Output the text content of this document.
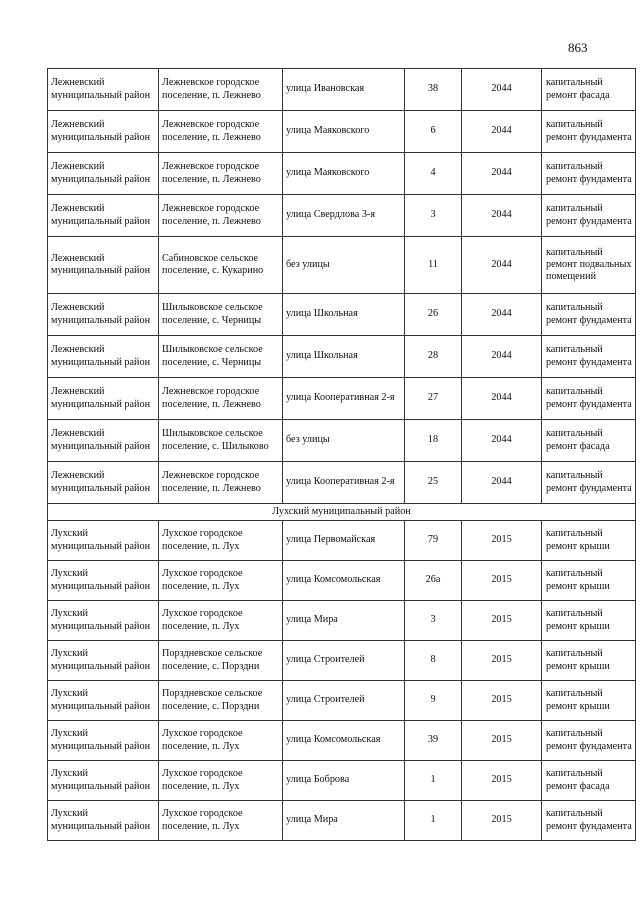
863
Лежневский муниципальный район	Лежневское городское поселение, п. Лежнево	улица Ивановская	38	2044	капитальный ремонт фасада
Лежневский муниципальный район	Лежневское городское поселение, п. Лежнево	улица Маяковского	6	2044	капитальный ремонт фундамента
Лежневский муниципальный район	Лежневское городское поселение, п. Лежнево	улица Маяковского	4	2044	капитальный ремонт фундамента
Лежневский муниципальный район	Лежневское городское поселение, п. Лежнево	улица Свердлова 3-я	3	2044	капитальный ремонт фундамента
Лежневский муниципальный район	Сабиновское сельское поселение, с. Кукарино	без улицы	11	2044	капитальный ремонт подвальных помещений
Лежневский муниципальный район	Шилыковское сельское поселение, с. Черницы	улица Школьная	26	2044	капитальный ремонт фундамента
Лежневский муниципальный район	Шилыковское сельское поселение, с. Черницы	улица Школьная	28	2044	капитальный ремонт фундамента
Лежневский муниципальный район	Лежневское городское поселение, п. Лежнево	улица Кооперативная 2-я	27	2044	капитальный ремонт фундамента
Лежневский муниципальный район	Шилыковское сельское поселение, с. Шилыково	без улицы	18	2044	капитальный ремонт фасада
Лежневский муниципальный район	Лежневское городское поселение, п. Лежнево	улица Кооперативная 2-я	25	2044	капитальный ремонт фундамента
Лухский муниципальный район					
Лухский муниципальный район	Лухское городское поселение, п. Лух	улица Первомайская	79	2015	капитальный ремонт крыши
Лухский муниципальный район	Лухское городское поселение, п. Лух	улица Комсомольская	26а	2015	капитальный ремонт крыши
Лухский муниципальный район	Лухское городское поселение, п. Лух	улица Мира	3	2015	капитальный ремонт крыши
Лухский муниципальный район	Порздневское сельское поселение, с. Порздни	улица Строителей	8	2015	капитальный ремонт крыши
Лухский муниципальный район	Порздневское сельское поселение, с. Порздни	улица Строителей	9	2015	капитальный ремонт крыши
Лухский муниципальный район	Лухское городское поселение, п. Лух	улица Комсомольская	39	2015	капитальный ремонт фундамента
Лухский муниципальный район	Лухское городское поселение, п. Лух	улица Боброва	1	2015	капитальный ремонт фасада
Лухский муниципальный район	Лухское городское поселение, п. Лух	улица Мира	1	2015	капитальный ремонт фундамента
